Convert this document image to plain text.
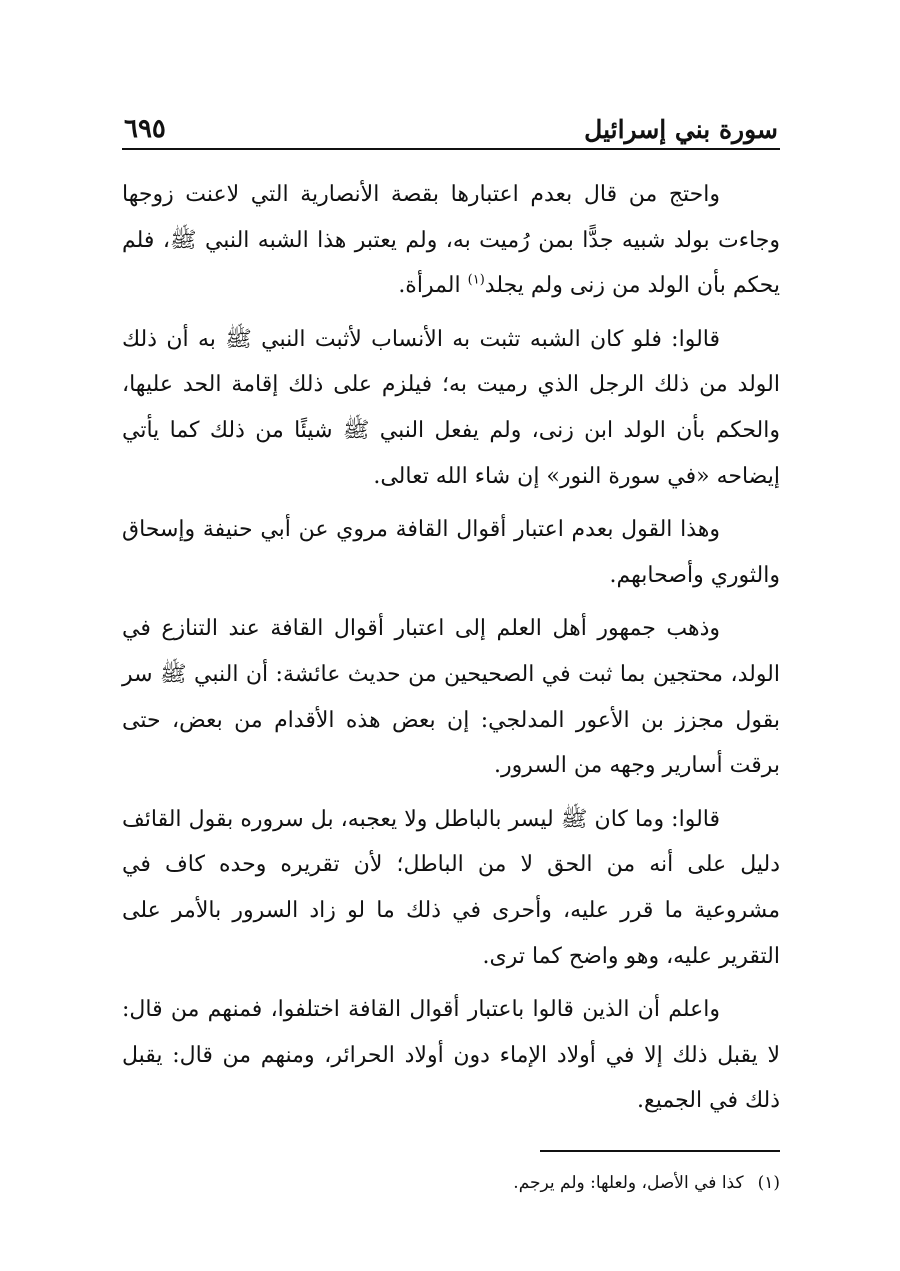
سورة بني إسرائيل
٦٩٥

واحتج من قال بعدم اعتبارها بقصة الأنصارية التي لاعنت زوجها وجاءت بولد شبيه جدًّا بمن رُميت به، ولم يعتبر هذا الشبه النبي ﷺ، فلم يحكم بأن الولد من زنى ولم يجلد$^{(١)}$ المرأة.

قالوا: فلو كان الشبه تثبت به الأنساب لأثبت النبي ﷺ به أن ذلك الولد من ذلك الرجل الذي رميت به؛ فيلزم على ذلك إقامة الحد عليها، والحكم بأن الولد ابن زنى، ولم يفعل النبي ﷺ شيئًا من ذلك كما يأتي إيضاحه «في سورة النور» إن شاء الله تعالى.

وهذا القول بعدم اعتبار أقوال القافة مروي عن أبي حنيفة وإسحاق والثوري وأصحابهم.

وذهب جمهور أهل العلم إلى اعتبار أقوال القافة عند التنازع في الولد، محتجين بما ثبت في الصحيحين من حديث عائشة: أن النبي ﷺ سر بقول مجزز بن الأعور المدلجي: إن بعض هذه الأقدام من بعض، حتى برقت أسارير وجهه من السرور.

قالوا: وما كان ﷺ ليسر بالباطل ولا يعجبه، بل سروره بقول القائف دليل على أنه من الحق لا من الباطل؛ لأن تقريره وحده كاف في مشروعية ما قرر عليه، وأحرى في ذلك ما لو زاد السرور بالأمر على التقرير عليه، وهو واضح كما ترى.

واعلم أن الذين قالوا باعتبار أقوال القافة اختلفوا، فمنهم من قال: لا يقبل ذلك إلا في أولاد الإماء دون أولاد الحرائر، ومنهم من قال: يقبل ذلك في الجميع.

(١)
كذا في الأصل، ولعلها: ولم يرجم.
